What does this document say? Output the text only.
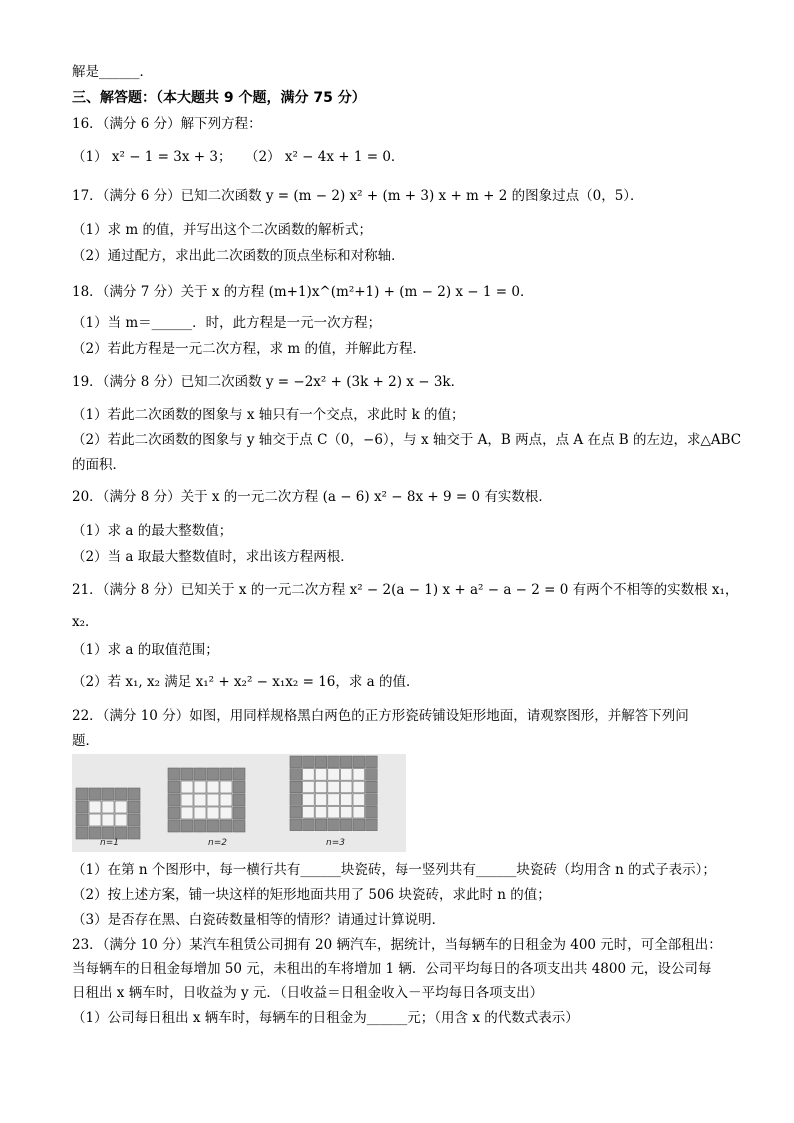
解是______．
三、解答题：（本大题共 9 个题，满分 75 分）
16．（满分 6 分）解下列方程：
（1） x² − 1 = 3x + 3；　　（2） x² − 4x + 1 = 0．
17．（满分 6 分）已知二次函数 y = (m − 2) x² + (m + 3) x + m + 2 的图象过点（0，5）．
（1）求 m 的值，并写出这个二次函数的解析式；
（2）通过配方，求出此二次函数的顶点坐标和对称轴．
18．（满分 7 分）关于 x 的方程 (m+1)x^(m²+1) + (m − 2) x − 1 = 0．
（1）当 m＝______．时，此方程是一元一次方程；
（2）若此方程是一元二次方程，求 m 的值，并解此方程．
19．（满分 8 分）已知二次函数 y = −2x² + (3k + 2) x − 3k．
（1）若此二次函数的图象与 x 轴只有一个交点，求此时 k 的值；
（2）若此二次函数的图象与 y 轴交于点 C（0，−6），与 x 轴交于 A，B 两点，点 A 在点 B 的左边，求△ABC
的面积．
20．（满分 8 分）关于 x 的一元二次方程 (a − 6) x² − 8x + 9 = 0 有实数根．
（1）求 a 的最大整数值；
（2）当 a 取最大整数值时，求出该方程两根．
21．（满分 8 分）已知关于 x 的一元二次方程 x² − 2(a − 1) x + a² − a − 2 = 0 有两个不相等的实数根 x₁，
x₂．
（1）求 a 的取值范围；
（2）若 x₁, x₂ 满足 x₁² + x₂² − x₁x₂ = 16，求 a 的值．
22．（满分 10 分）如图，用同样规格黑白两色的正方形瓷砖铺设矩形地面，请观察图形，并解答下列问
题．
n=1	n=2	n=3
（1）在第 n 个图形中，每一横行共有______块瓷砖，每一竖列共有______块瓷砖（均用含 n 的式子表示）；
（2）按上述方案，铺一块这样的矩形地面共用了 506 块瓷砖，求此时 n 的值；
（3）是否存在黑、白瓷砖数量相等的情形？请通过计算说明．
23．（满分 10 分）某汽车租赁公司拥有 20 辆汽车，据统计，当每辆车的日租金为 400 元时，可全部租出：
当每辆车的日租金每增加 50 元，未租出的车将增加 1 辆．公司平均每日的各项支出共 4800 元，设公司每
日租出 x 辆车时，日收益为 y 元．（日收益＝日租金收入－平均每日各项支出）
（1）公司每日租出 x 辆车时，每辆车的日租金为______元；（用含 x 的代数式表示）
